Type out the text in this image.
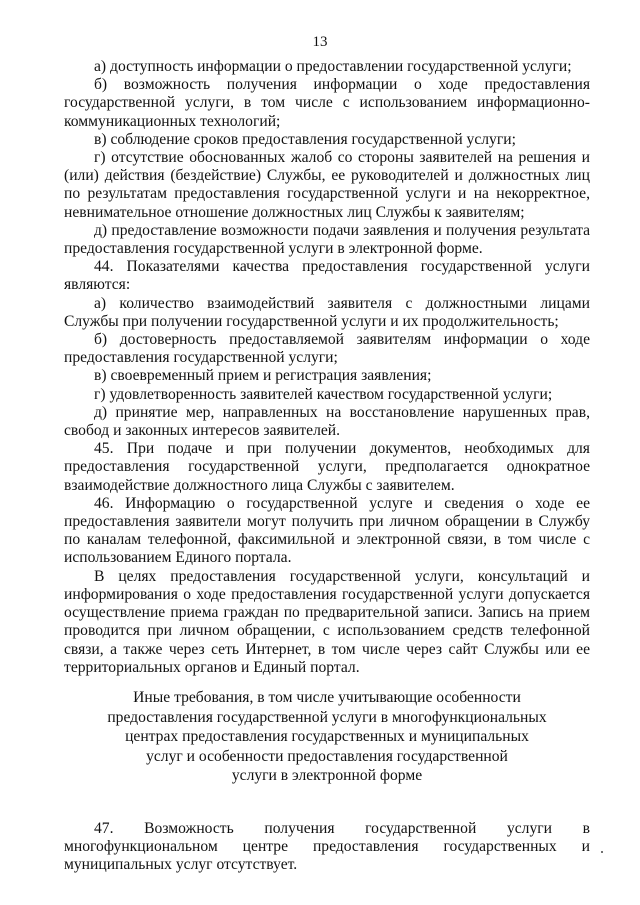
13

а) доступность информации о предоставлении государственной услуги;

б) возможность получения информации о ходе предоставления государственной услуги, в том числе с использованием информационно-коммуникационных технологий;

в) соблюдение сроков предоставления государственной услуги;

г) отсутствие обоснованных жалоб со стороны заявителей на решения и (или) действия (бездействие) Службы, ее руководителей и должностных лиц по результатам предоставления государственной услуги и на некорректное, невнимательное отношение должностных лиц Службы к заявителям;

д) предоставление возможности подачи заявления и получения результата предоставления государственной услуги в электронной форме.

44. Показателями качества предоставления государственной услуги являются:

а) количество взаимодействий заявителя с должностными лицами Службы при получении государственной услуги и их продолжительность;

б) достоверность предоставляемой заявителям информации о ходе предоставления государственной услуги;

в) своевременный прием и регистрация заявления;

г) удовлетворенность заявителей качеством государственной услуги;

д) принятие мер, направленных на восстановление нарушенных прав, свобод и законных интересов заявителей.

45. При подаче и при получении документов, необходимых для предоставления государственной услуги, предполагается однократное взаимодействие должностного лица Службы с заявителем.

46. Информацию о государственной услуге и сведения о ходе ее предоставления заявители могут получить при личном обращении в Службу по каналам телефонной, факсимильной и электронной связи, в том числе с использованием Единого портала.

В целях предоставления государственной услуги, консультаций и информирования о ходе предоставления государственной услуги допускается осуществление приема граждан по предварительной записи. Запись на прием проводится при личном обращении, с использованием средств телефонной связи, а также через сеть Интернет, в том числе через сайт Службы или ее территориальных органов и Единый портал.

Иные требования, в том числе учитывающие особенности
предоставления государственной услуги в многофункциональных
центрах предоставления государственных и муниципальных
услуг и особенности предоставления государственной
услуги в электронной форме

47. Возможность получения государственной услуги в многофункциональном центре предоставления государственных и муниципальных услуг отсутствует.
